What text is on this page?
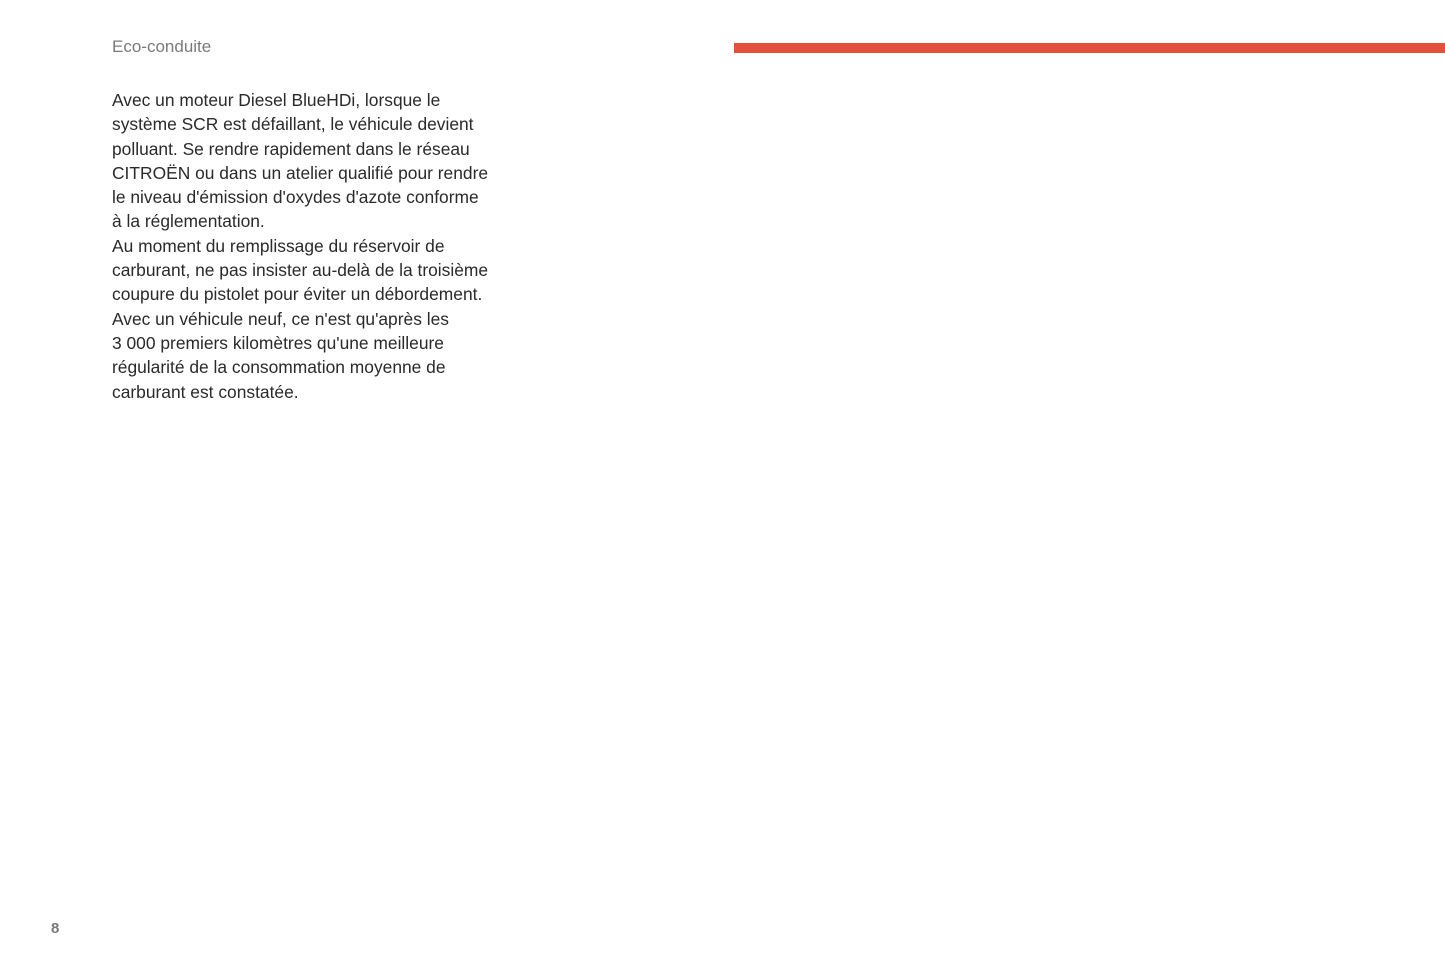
Eco-conduite
Avec un moteur Diesel BlueHDi, lorsque le
système SCR est défaillant, le véhicule devient
polluant. Se rendre rapidement dans le réseau
CITROËN ou dans un atelier qualifié pour rendre
le niveau d'émission d'oxydes d'azote conforme
à la réglementation.
Au moment du remplissage du réservoir de
carburant, ne pas insister au-delà de la troisième
coupure du pistolet pour éviter un débordement.
Avec un véhicule neuf, ce n'est qu'après les
3 000 premiers kilomètres qu'une meilleure
régularité de la consommation moyenne de
carburant est constatée.
8
